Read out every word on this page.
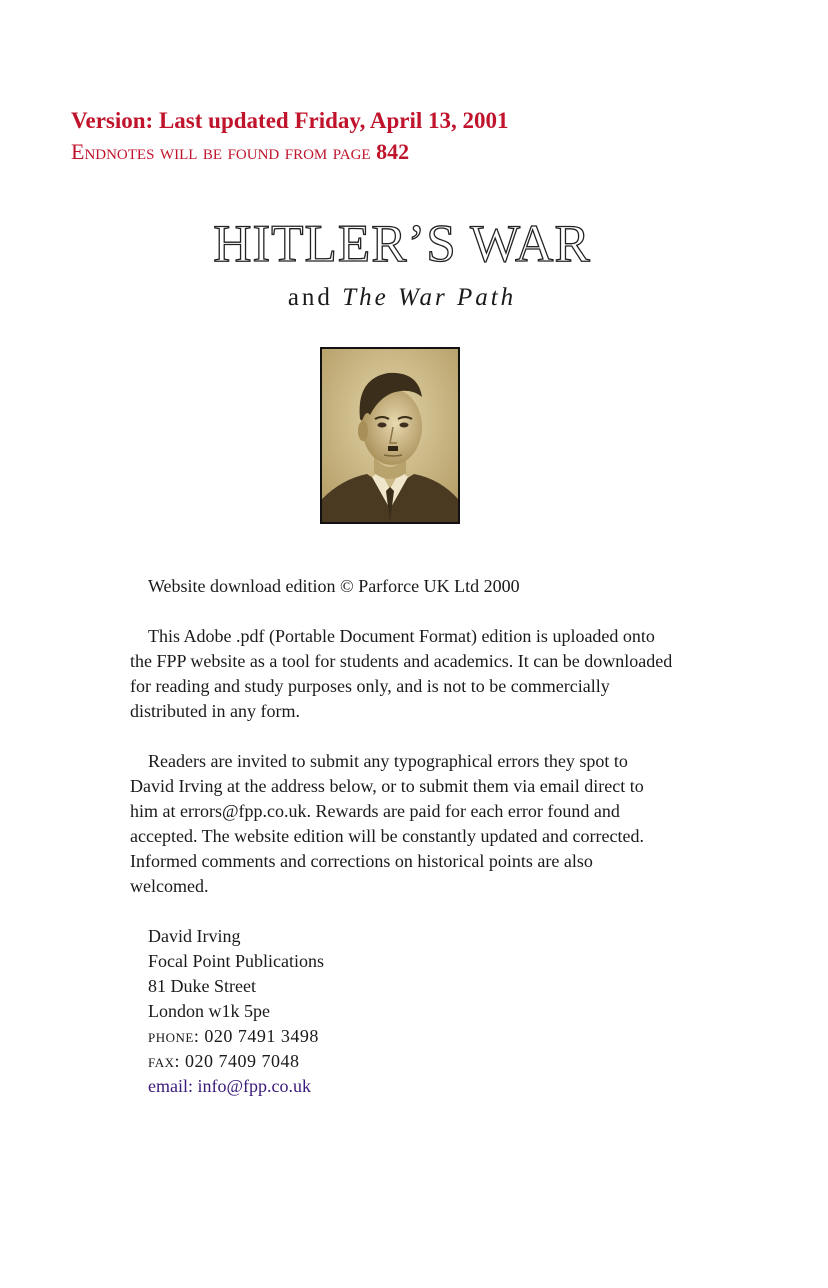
Version: Last updated Friday, April 13, 2001
Endnotes will be found from page 842
HITLER’S WAR
and The War Path

Website download edition © Parforce UK Ltd 2000

This Adobe .pdf (Portable Document Format) edition is uploaded onto the FPP website as a tool for students and academics. It can be downloaded for reading and study purposes only, and is not to be commercially distributed in any form.

Readers are invited to submit any typographical errors they spot to David Irving at the address below, or to submit them via email direct to him at errors@fpp.co.uk. Rewards are paid for each error found and accepted. The website edition will be constantly updated and corrected. Informed comments and corrections on historical points are also welcomed.

David Irving
Focal Point Publications
81 Duke Street
London w1k 5pe
phone: 020 7491 3498
fax: 020 7409 7048
email: info@fpp.co.uk
